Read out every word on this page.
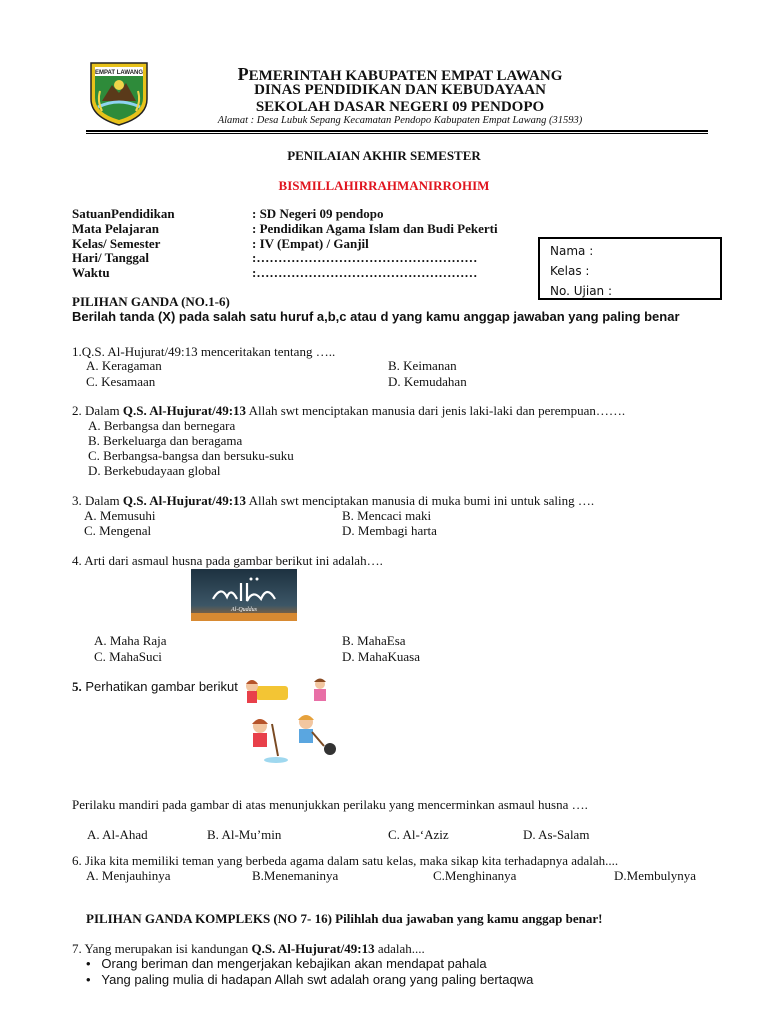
EMPAT LAWANG	PEMERINTAH KABUPATEN EMPAT LAWANG
DINAS PENDIDIKAN DAN KEBUDAYAAN
SEKOLAH DASAR NEGERI 09 PENDOPO
Alamat : Desa Lubuk Sepang Kecamatan Pendopo Kabupaten Empat Lawang (31593)
PENILAIAN AKHIR SEMESTER
BISMILLAHIRRAHMANIRROHIM
SatuanPendidikan	: SD Negeri 09 pendopo
Mata Pelajaran	: Pendidikan Agama Islam dan Budi Pekerti
Kelas/ Semester	: IV (Empat) / Ganjil
Hari/ Tanggal	:……………………………………………
Waktu	:……………………………………………
Nama :
Kelas :
No. Ujian :
PILIHAN GANDA (NO.1-6)
Berilah tanda (X) pada salah satu huruf a,b,c atau d yang kamu anggap jawaban yang paling benar
1.Q.S. Al-Hujurat/49:13 menceritakan tentang …..
A. Keragaman	B. Keimanan
C. Kesamaan	D. Kemudahan
2. Dalam Q.S. Al-Hujurat/49:13 Allah swt menciptakan manusia dari jenis laki-laki dan perempuan…….
A. Berbangsa dan bernegara
B. Berkeluarga dan beragama
C. Berbangsa-bangsa dan bersuku-suku
D. Berkebudayaan global
3. Dalam Q.S. Al-Hujurat/49:13 Allah swt menciptakan manusia di muka bumi ini untuk saling ….
A. Memusuhi	B. Mencaci maki
C. Mengenal	D. Membagi harta
4. Arti dari asmaul husna pada gambar berikut ini adalah….
Al-Quddus
A. Maha Raja	B. MahaEsa
C. MahaSuci	D. MahaKuasa
5. Perhatikan gambar berikut
Perilaku mandiri pada gambar di atas menunjukkan perilaku yang mencerminkan asmaul husna ….
A. Al-Ahad	B. Al-Mu’min	C. Al-‘Aziz	D. As-Salam
6. Jika kita memiliki teman yang berbeda agama dalam satu kelas, maka sikap kita terhadapnya adalah....
A. Menjauhinya	B.Menemaninya	C.Menghinanya	D.Membulynya
PILIHAN GANDA KOMPLEKS (NO 7- 16) Pilihlah dua jawaban yang kamu anggap benar!
7. Yang merupakan isi kandungan Q.S. Al-Hujurat/49:13 adalah....
•   Orang beriman dan mengerjakan kebajikan akan mendapat pahala
•   Yang paling mulia di hadapan Allah swt adalah orang yang paling bertaqwa
